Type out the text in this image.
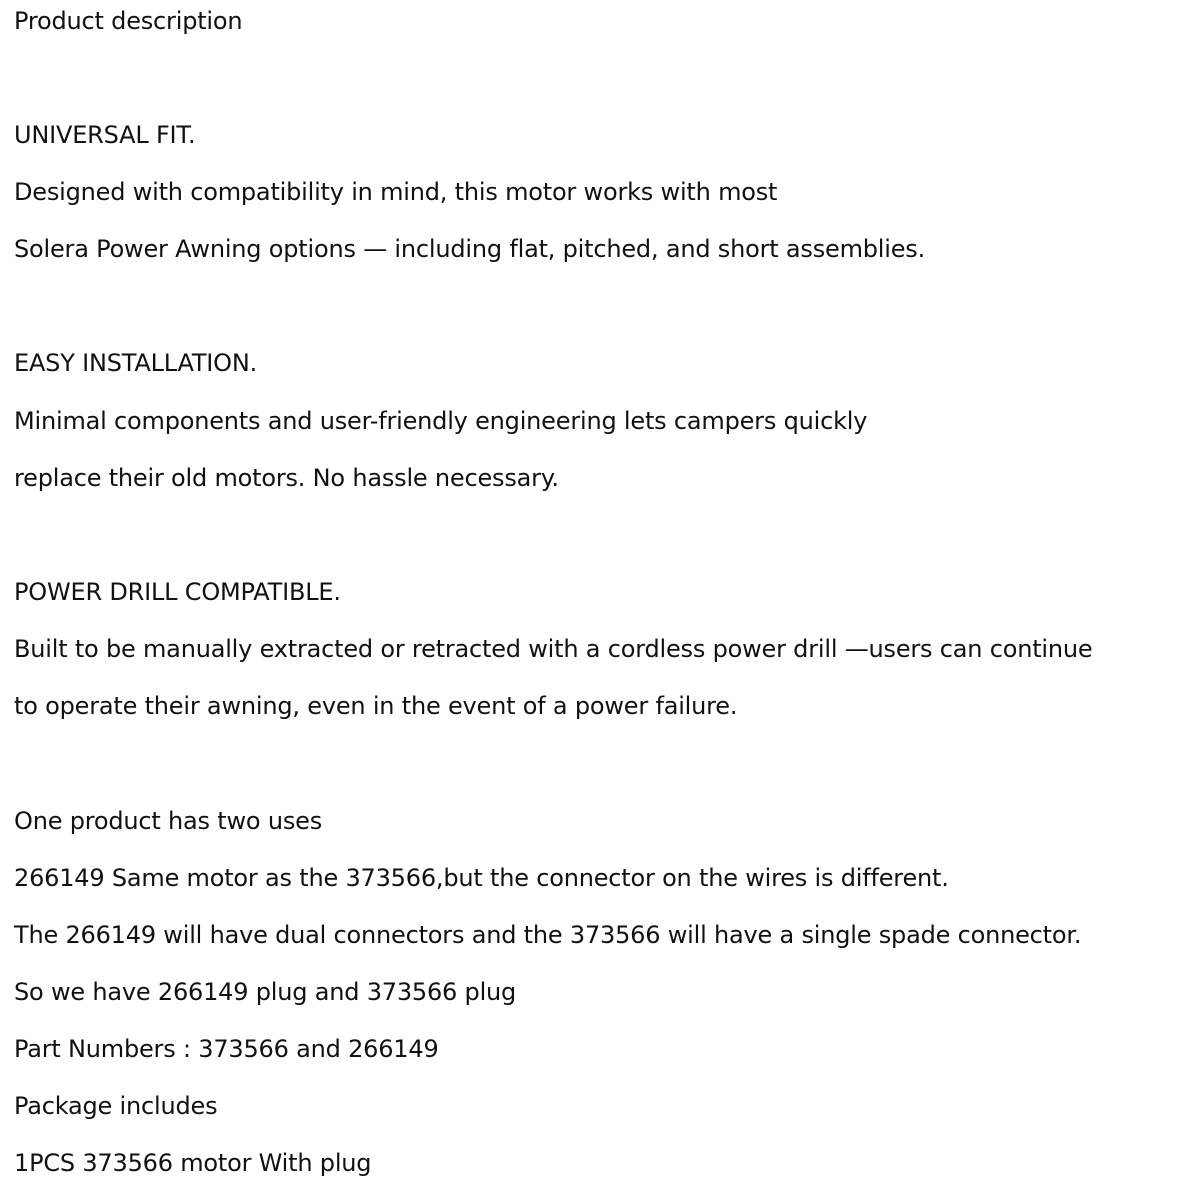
Product description
UNIVERSAL FIT.
Designed with compatibility in mind, this motor works with most
Solera Power Awning options — including flat, pitched, and short assemblies.
EASY INSTALLATION.
Minimal components and user-friendly engineering lets campers quickly
replace their old motors. No hassle necessary.
POWER DRILL COMPATIBLE.
Built to be manually extracted or retracted with a cordless power drill —users can continue
to operate their awning, even in the event of a power failure.
One product has two uses
266149 Same motor as the 373566,but the connector on the wires is different.
The 266149 will have dual connectors and the 373566 will have a single spade connector.
So we have 266149 plug and 373566 plug
Part Numbers : 373566 and 266149
Package includes
1PCS 373566 motor With plug
